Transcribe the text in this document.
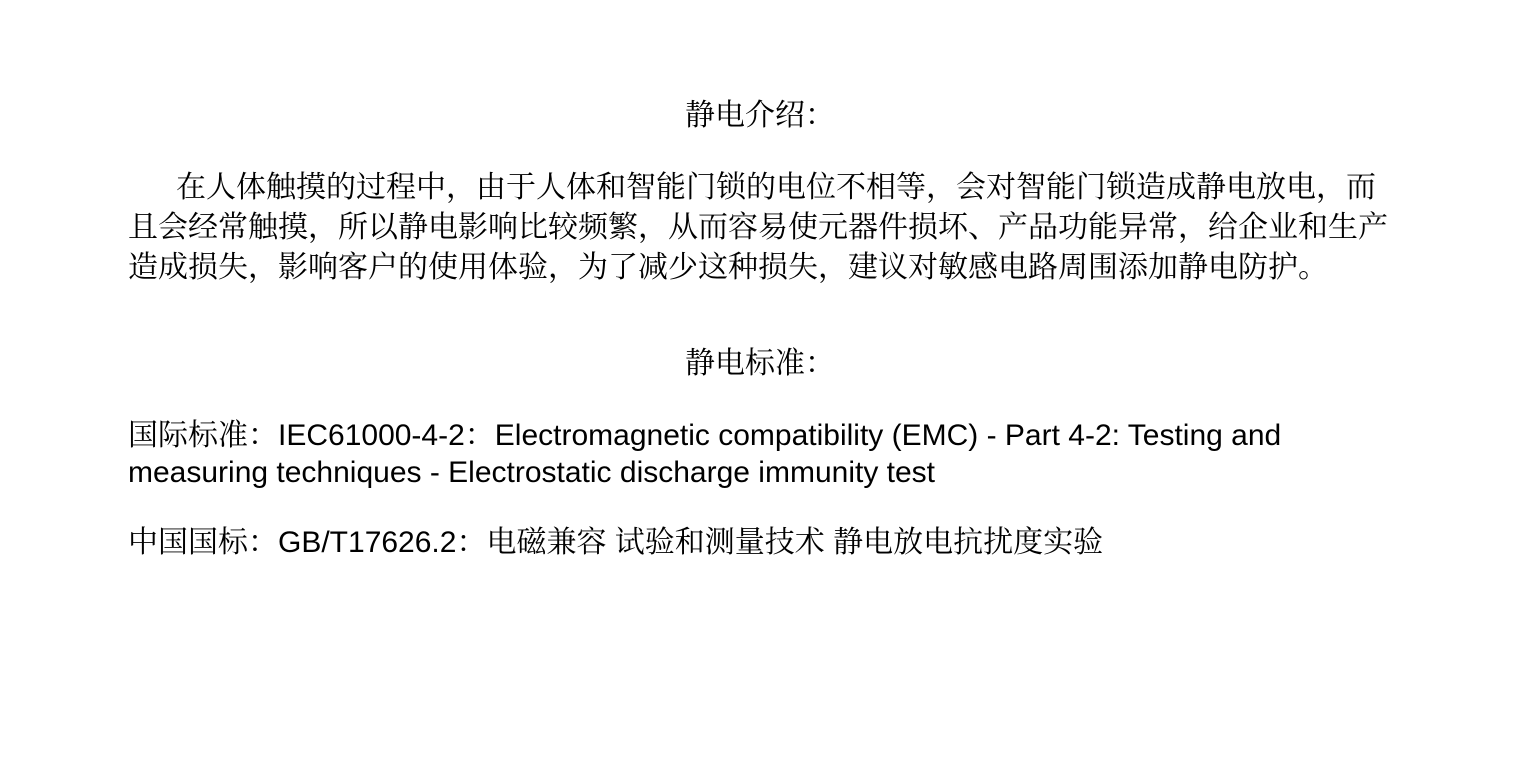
静电介绍：

在人体触摸的过程中，由于人体和智能门锁的电位不相等，会对智能门锁造成静电放电，而
且会经常触摸，所以静电影响比较频繁，从而容易使元器件损坏、产品功能异常，给企业和生产
造成损失，影响客户的使用体验，为了减少这种损失，建议对敏感电路周围添加静电防护。

静电标准：

国际标准：IEC61000-4-2：Electromagnetic compatibility (EMC) - Part 4-2: Testing and
measuring techniques - Electrostatic discharge immunity test

中国国标：GB/T17626.2：电磁兼容 试验和测量技术 静电放电抗扰度实验
